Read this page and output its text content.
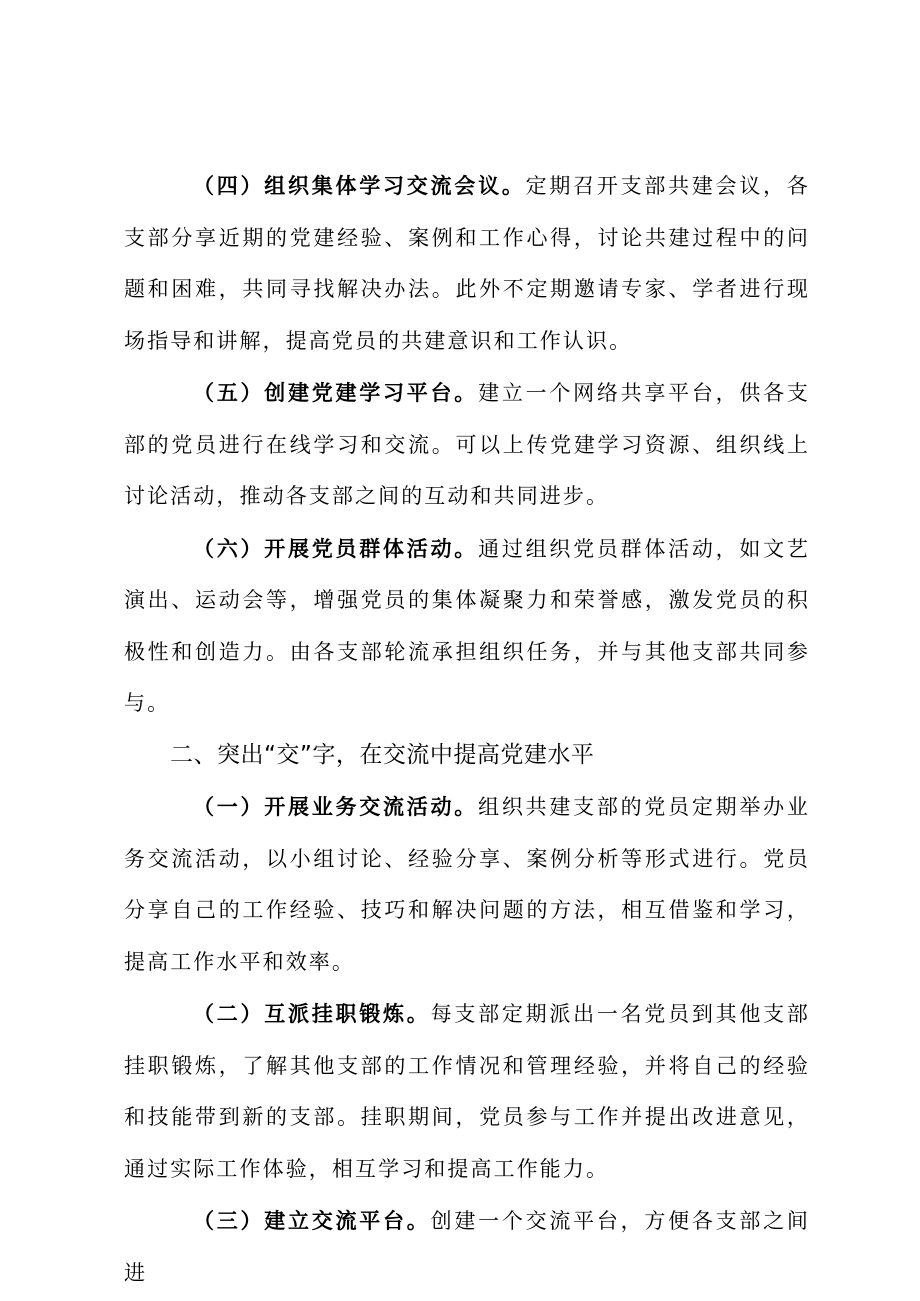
（四）组织集体学习交流会议。定期召开支部共建会议，各支部分享近期的党建经验、案例和工作心得，讨论共建过程中的问题和困难，共同寻找解决办法。此外不定期邀请专家、学者进行现场指导和讲解，提高党员的共建意识和工作认识。

（五）创建党建学习平台。建立一个网络共享平台，供各支部的党员进行在线学习和交流。可以上传党建学习资源、组织线上讨论活动，推动各支部之间的互动和共同进步。

（六）开展党员群体活动。通过组织党员群体活动，如文艺演出、运动会等，增强党员的集体凝聚力和荣誉感，激发党员的积极性和创造力。由各支部轮流承担组织任务，并与其他支部共同参与。

二、突出“交”字，在交流中提高党建水平

（一）开展业务交流活动。组织共建支部的党员定期举办业务交流活动，以小组讨论、经验分享、案例分析等形式进行。党员分享自己的工作经验、技巧和解决问题的方法，相互借鉴和学习，提高工作水平和效率。

（二）互派挂职锻炼。每支部定期派出一名党员到其他支部挂职锻炼，了解其他支部的工作情况和管理经验，并将自己的经验和技能带到新的支部。挂职期间，党员参与工作并提出改进意见，通过实际工作体验，相互学习和提高工作能力。

（三）建立交流平台。创建一个交流平台，方便各支部之间进
